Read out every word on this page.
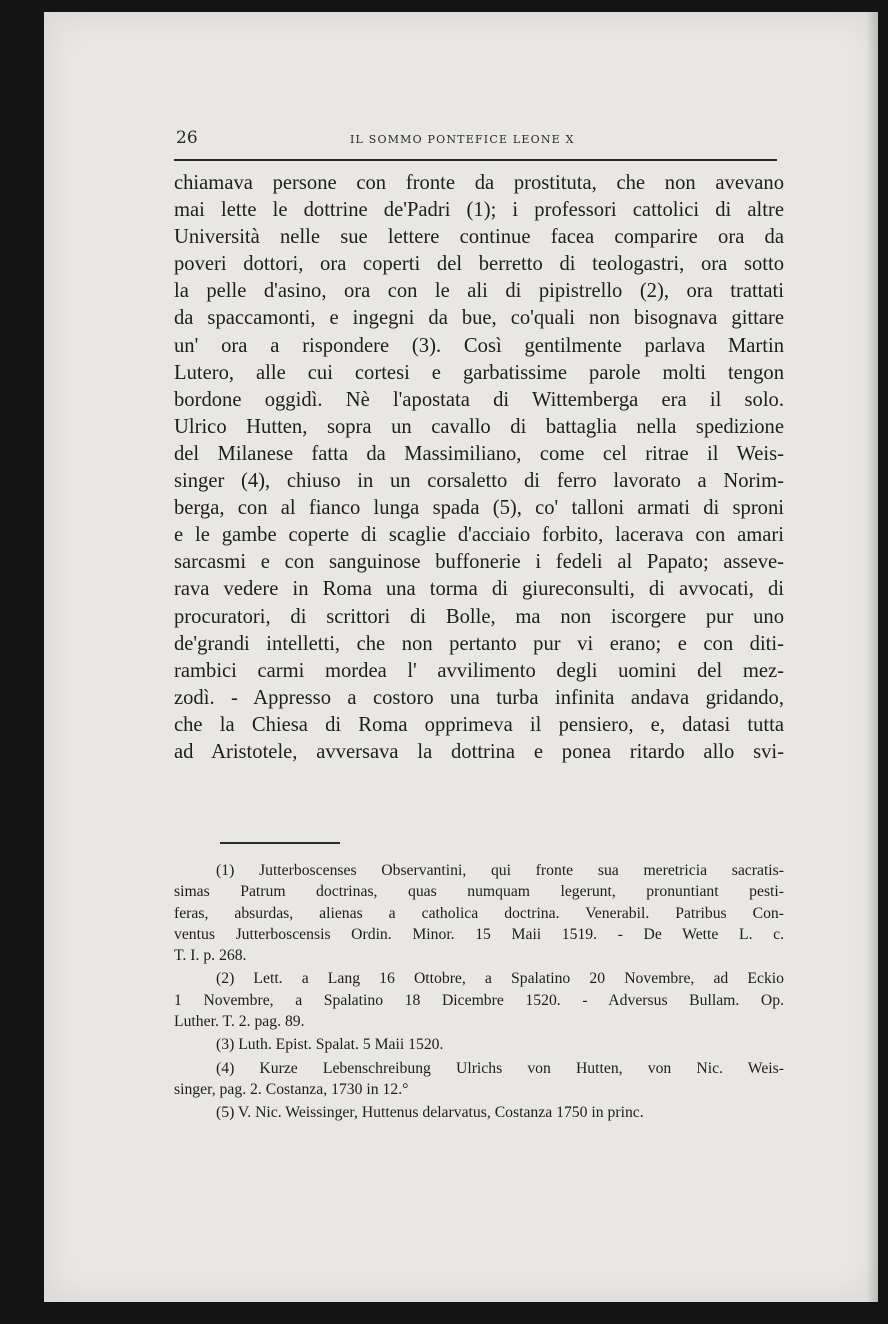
26	IL SOMMO PONTEFICE LEONE X
chiamava persone con fronte da prostituta, che non avevano
mai lette le dottrine de'Padri (1); i professori cattolici di altre
Università nelle sue lettere continue facea comparire ora da
poveri dottori, ora coperti del berretto di teologastri, ora sotto
la pelle d'asino, ora con le ali di pipistrello (2), ora trattati
da spaccamonti, e ingegni da bue, co'quali non bisognava gittare
un' ora a rispondere (3). Così gentilmente parlava Martin
Lutero, alle cui cortesi e garbatissime parole molti tengon
bordone oggidì. Nè l'apostata di Wittemberga era il solo.
Ulrico Hutten, sopra un cavallo di battaglia nella spedizione
del Milanese fatta da Massimiliano, come cel ritrae il Weis-
singer (4), chiuso in un corsaletto di ferro lavorato a Norim-
berga, con al fianco lunga spada (5), co' talloni armati di sproni
e le gambe coperte di scaglie d'acciaio forbito, lacerava con amari
sarcasmi e con sanguinose buffonerie i fedeli al Papato; asseve-
rava vedere in Roma una torma di giureconsulti, di avvocati, di
procuratori, di scrittori di Bolle, ma non iscorgere pur uno
de'grandi intelletti, che non pertanto pur vi erano; e con diti-
rambici carmi mordea l' avvilimento degli uomini del mez-
zodì. - Appresso a costoro una turba infinita andava gridando,
che la Chiesa di Roma opprimeva il pensiero, e, datasi tutta
ad Aristotele, avversava la dottrina e ponea ritardo allo svi-
(1) Jutterboscenses Observantini, qui fronte sua meretricia sacratis-
simas Patrum doctrinas, quas numquam legerunt, pronuntiant pesti-
feras, absurdas, alienas a catholica doctrina. Venerabil. Patribus Con-
ventus Jutterboscensis Ordin. Minor. 15 Maii 1519. - De Wette L. c.
T. I. p. 268.
(2) Lett. a Lang 16 Ottobre, a Spalatino 20 Novembre, ad Eckio
1 Novembre, a Spalatino 18 Dicembre 1520. - Adversus Bullam. Op.
Luther. T. 2. pag. 89.
(3) Luth. Epist. Spalat. 5 Maii 1520.
(4) Kurze Lebenschreibung Ulrichs von Hutten, von Nic. Weis-
singer, pag. 2. Costanza, 1730 in 12.°
(5) V. Nic. Weissinger, Huttenus delarvatus, Costanza 1750 in princ.
